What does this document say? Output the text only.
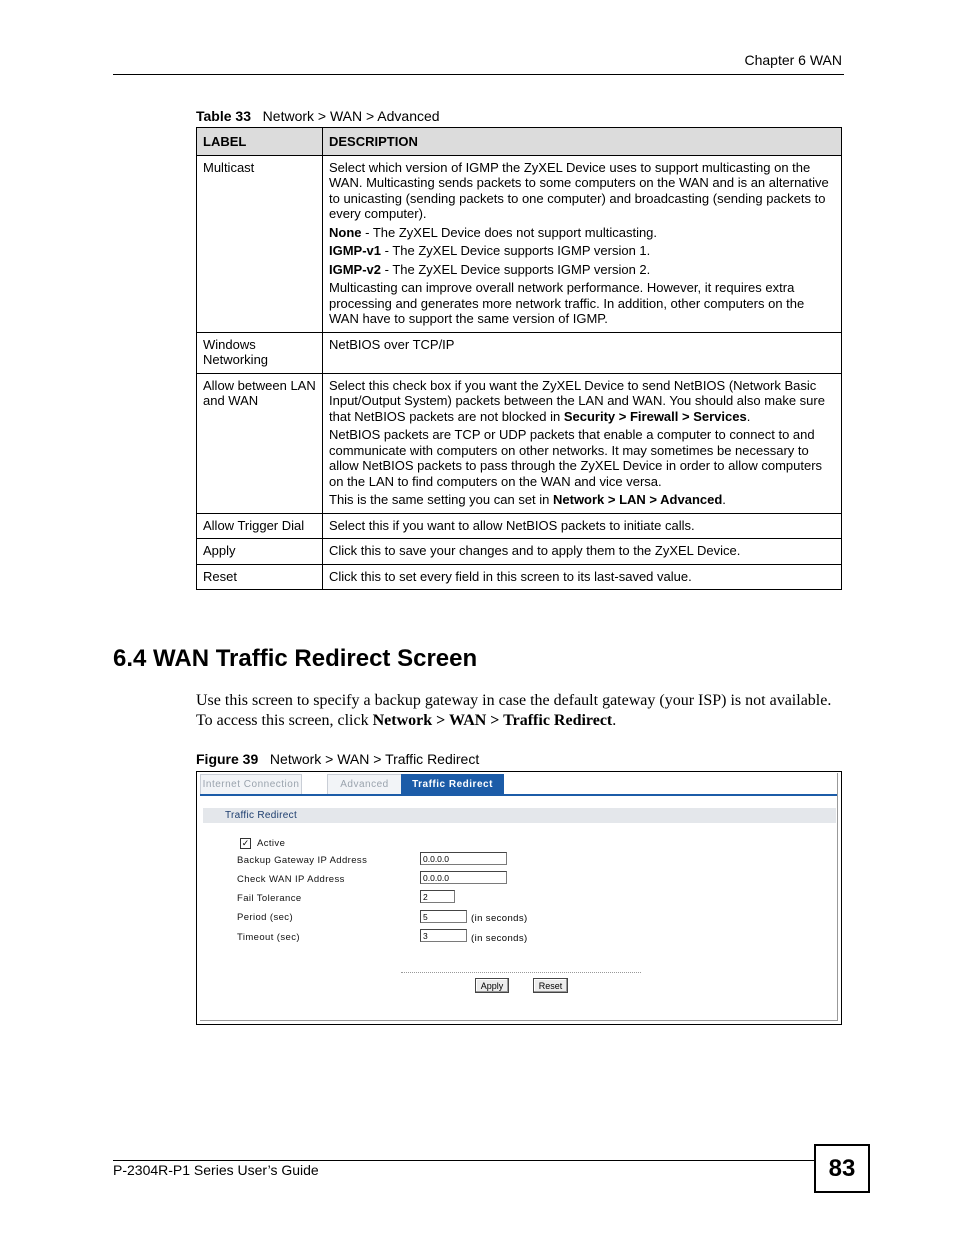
Chapter 6 WAN
Table 33 Network > WAN > Advanced
LABEL	DESCRIPTION
Multicast	Select which version of IGMP the ZyXEL Device uses to support multicasting on the WAN. Multicasting sends packets to some computers on the WAN and is an alternative to unicasting (sending packets to one computer) and broadcasting (sending packets to every computer).

None - The ZyXEL Device does not support multicasting.

IGMP-v1 - The ZyXEL Device supports IGMP version 1.

IGMP-v2 - The ZyXEL Device supports IGMP version 2.

Multicasting can improve overall network performance. However, it requires extra processing and generates more network traffic. In addition, other computers on the WAN have to support the same version of IGMP.

Windows Networking	NetBIOS over TCP/IP
Allow between LAN and WAN	Select this check box if you want the ZyXEL Device to send NetBIOS (Network Basic Input/Output System) packets between the LAN and WAN. You should also make sure that NetBIOS packets are not blocked in Security > Firewall > Services.

NetBIOS packets are TCP or UDP packets that enable a computer to connect to and communicate with computers on other networks. It may sometimes be necessary to allow NetBIOS packets to pass through the ZyXEL Device in order to allow computers on the LAN to find computers on the WAN and vice versa.

This is the same setting you can set in Network > LAN > Advanced.

Allow Trigger Dial	Select this if you want to allow NetBIOS packets to initiate calls.
Apply	Click this to save your changes and to apply them to the ZyXEL Device.
Reset	Click this to set every field in this screen to its last-saved value.
6.4 WAN Traffic Redirect Screen
Use this screen to specify a backup gateway in case the default gateway (your ISP) is not available. To access this screen, click Network > WAN > Traffic Redirect.
Figure 39 Network > WAN > Traffic Redirect
Internet Connection	Advanced	Traffic Redirect
Traffic Redirect
✓ Active
Backup Gateway IP Address	0.0.0.0
Check WAN IP Address	0.0.0.0
Fail Tolerance	2
Period (sec)	5	(in seconds)
Timeout (sec)	3	(in seconds)
Apply	Reset
P-2304R-P1 Series User’s Guide	83
